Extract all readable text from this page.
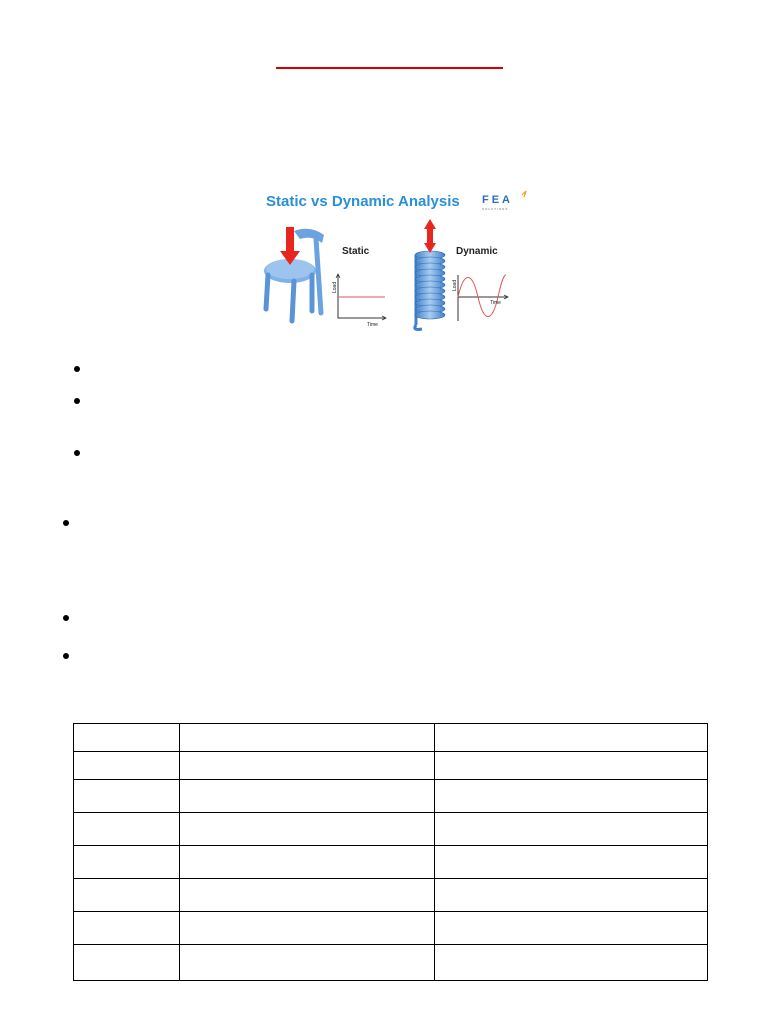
Static vs Dynamic Analysis FEA
SOLUTIONS
Static
Load
Time
Dynamic
Load
Time
